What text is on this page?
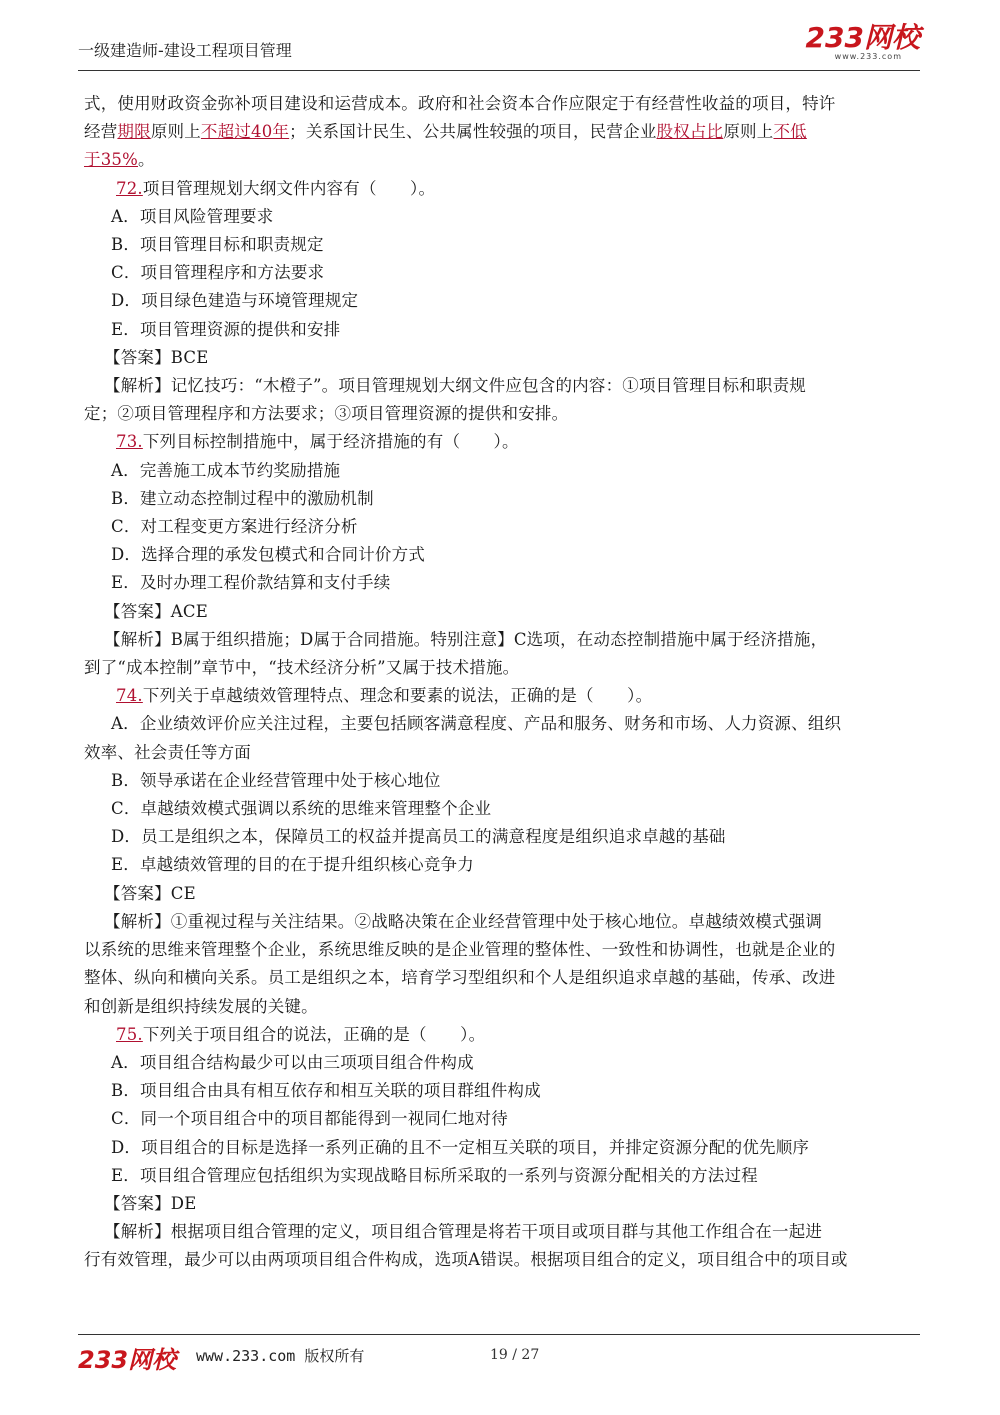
一级建造师-建设工程项目管理	233网校
www.233.com
式，使用财政资金弥补项目建设和运营成本。政府和社会资本合作应限定于有经营性收益的项目，特许
经营期限原则上不超过40年；关系国计民生、公共属性较强的项目，民营企业股权占比原则上不低
于35%。
72.项目管理规划大纲文件内容有（　　）。
A．项目风险管理要求
B．项目管理目标和职责规定
C．项目管理程序和方法要求
D．项目绿色建造与环境管理规定
E．项目管理资源的提供和安排
【答案】BCE
【解析】记忆技巧：“木橙子”。项目管理规划大纲文件应包含的内容：①项目管理目标和职责规
定；②项目管理程序和方法要求；③项目管理资源的提供和安排。
73.下列目标控制措施中，属于经济措施的有（　　）。
A．完善施工成本节约奖励措施
B．建立动态控制过程中的激励机制
C．对工程变更方案进行经济分析
D．选择合理的承发包模式和合同计价方式
E．及时办理工程价款结算和支付手续
【答案】ACE
【解析】B属于组织措施；D属于合同措施。特别注意】C选项，在动态控制措施中属于经济措施，
到了“成本控制”章节中，“技术经济分析”又属于技术措施。
74.下列关于卓越绩效管理特点、理念和要素的说法，正确的是（　　）。
A．企业绩效评价应关注过程，主要包括顾客满意程度、产品和服务、财务和市场、人力资源、组织
效率、社会责任等方面
B．领导承诺在企业经营管理中处于核心地位
C．卓越绩效模式强调以系统的思维来管理整个企业
D．员工是组织之本，保障员工的权益并提高员工的满意程度是组织追求卓越的基础
E．卓越绩效管理的目的在于提升组织核心竞争力
【答案】CE
【解析】①重视过程与关注结果。②战略决策在企业经营管理中处于核心地位。卓越绩效模式强调
以系统的思维来管理整个企业，系统思维反映的是企业管理的整体性、一致性和协调性，也就是企业的
整体、纵向和横向关系。员工是组织之本，培育学习型组织和个人是组织追求卓越的基础，传承、改进
和创新是组织持续发展的关键。
75.下列关于项目组合的说法，正确的是（　　）。
A．项目组合结构最少可以由三项项目组合件构成
B．项目组合由具有相互依存和相互关联的项目群组件构成
C．同一个项目组合中的项目都能得到一视同仁地对待
D．项目组合的目标是选择一系列正确的且不一定相互关联的项目，并排定资源分配的优先顺序
E．项目组合管理应包括组织为实现战略目标所采取的一系列与资源分配相关的方法过程
【答案】DE
【解析】根据项目组合管理的定义，项目组合管理是将若干项目或项目群与其他工作组合在一起进
行有效管理，最少可以由两项项目组合件构成，选项A错误。根据项目组合的定义，项目组合中的项目或
233网校 www.233.com 版权所有	19 / 27
